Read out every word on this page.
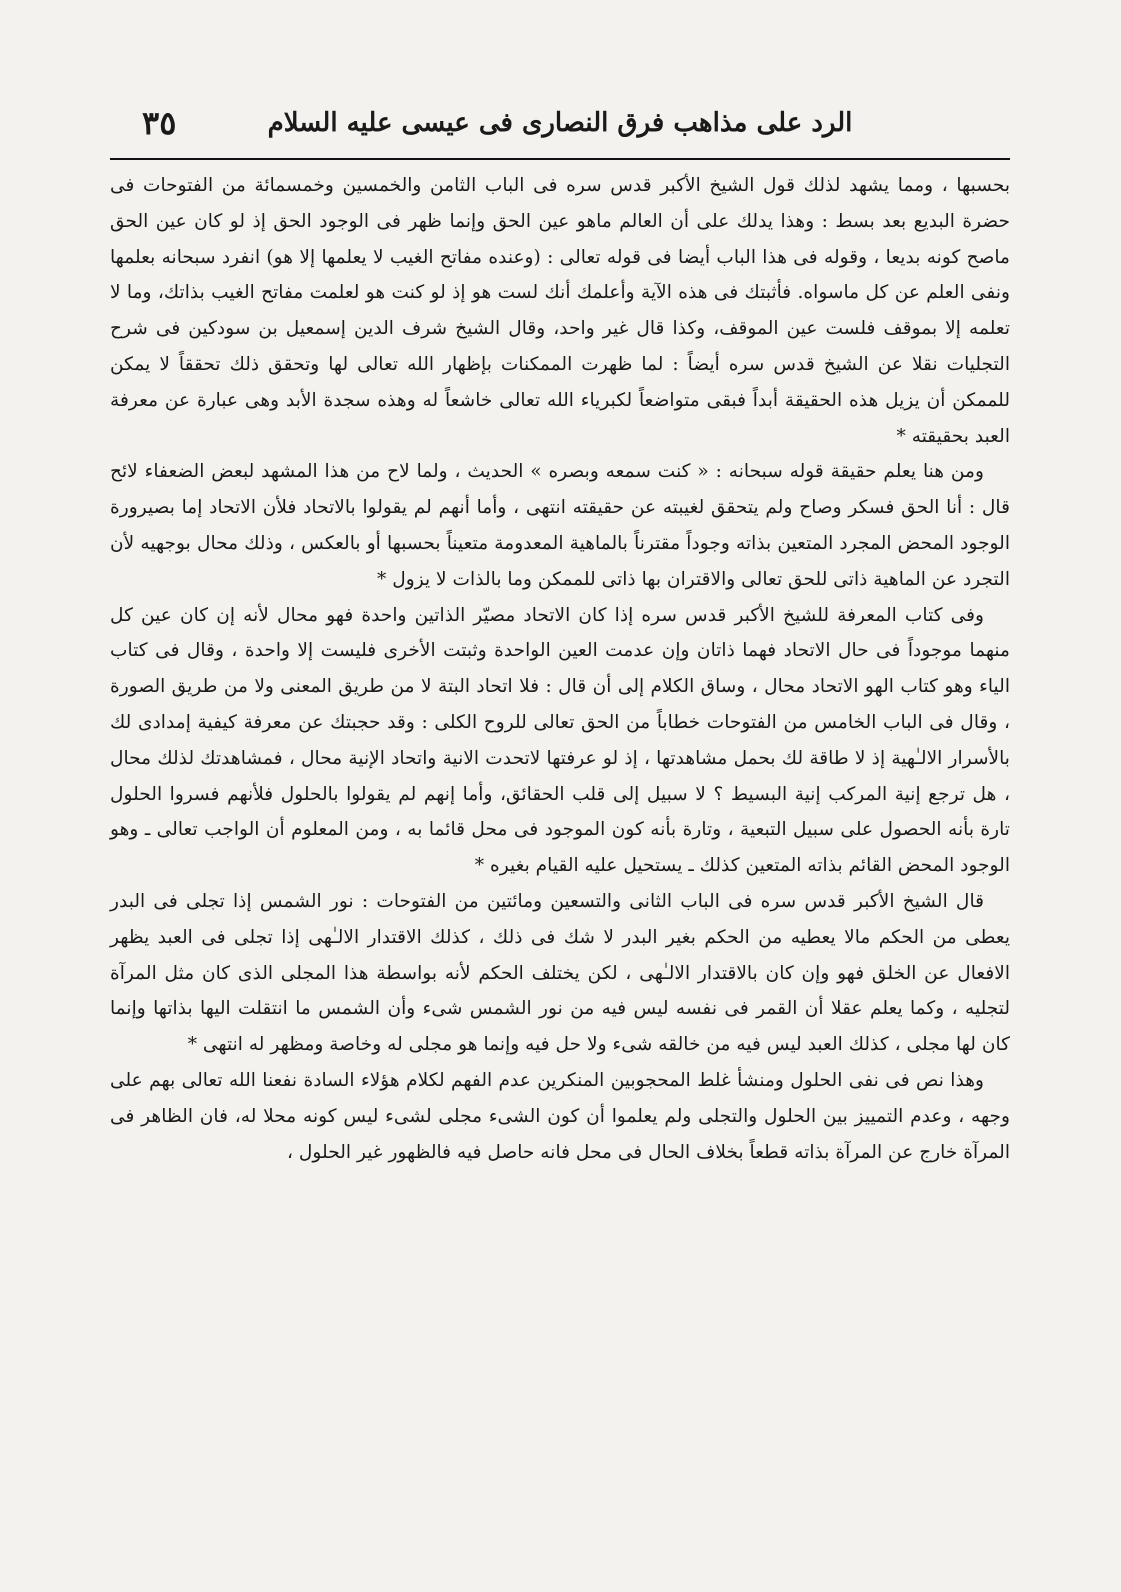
الرد على مذاهب فرق النصارى فى عيسى عليه السلام
٣٥

بحسبها ، ومما يشهد لذلك قول الشيخ الأكبر قدس سره فى الباب الثامن والخمسين وخمسمائة من الفتوحات فى حضرة البديع بعد بسط : وهذا يدلك على أن العالم ماهو عين الحق وإنما ظهر فى الوجود الحق إذ لو كان عين الحق ماصح كونه بديعا ، وقوله فى هذا الباب أيضا فى قوله تعالى : (وعنده مفاتح الغيب لا يعلمها إلا هو) انفرد سبحانه بعلمها ونفى العلم عن كل ماسواه. فأثبتك فى هذه الآية وأعلمك أنك لست هو إذ لو كنت هو لعلمت مفاتح الغيب بذاتك، وما لا تعلمه إلا بموقف فلست عين الموقف، وكذا قال غير واحد، وقال الشيخ شرف الدين إسمعيل بن سودكين فى شرح التجليات نقلا عن الشيخ قدس سره أيضاً : لما ظهرت الممكنات بإظهار الله تعالى لها وتحقق ذلك تحققاً لا يمكن للممكن أن يزيل هذه الحقيقة أبداً فبقى متواضعاً لكبرياء الله تعالى خاشعاً له وهذه سجدة الأبد وهى عبارة عن معرفة العبد بحقيقته *

ومن هنا يعلم حقيقة قوله سبحانه : « كنت سمعه وبصره » الحديث ، ولما لاح من هذا المشهد لبعض الضعفاء لائح قال : أنا الحق فسكر وصاح ولم يتحقق لغيبته عن حقيقته انتهى ، وأما أنهم لم يقولوا بالاتحاد فلأن الاتحاد إما بصيرورة الوجود المحض المجرد المتعين بذاته وجوداً مقترناً بالماهية المعدومة متعيناً بحسبها أو بالعكس ، وذلك محال بوجهيه لأن التجرد عن الماهية ذاتى للحق تعالى والاقتران بها ذاتى للممكن وما بالذات لا يزول *

وفى كتاب المعرفة للشيخ الأكبر قدس سره إذا كان الاتحاد مصيّر الذاتين واحدة فهو محال لأنه إن كان عين كل منهما موجوداً فى حال الاتحاد فهما ذاتان وإن عدمت العين الواحدة وثبتت الأخرى فليست إلا واحدة ، وقال فى كتاب الياء وهو كتاب الهو الاتحاد محال ، وساق الكلام إلى أن قال : فلا اتحاد البتة لا من طريق المعنى ولا من طريق الصورة ، وقال فى الباب الخامس من الفتوحات خطاباً من الحق تعالى للروح الكلى : وقد حجبتك عن معرفة كيفية إمدادى لك بالأسرار الالـٰهية إذ لا طاقة لك بحمل مشاهدتها ، إذ لو عرفتها لاتحدت الانية واتحاد الإنية محال ، فمشاهدتك لذلك محال ، هل ترجع إنية المركب إنية البسيط ؟ لا سبيل إلى قلب الحقائق، وأما إنهم لم يقولوا بالحلول فلأنهم فسروا الحلول تارة بأنه الحصول على سبيل التبعية ، وتارة بأنه كون الموجود فى محل قائما به ، ومن المعلوم أن الواجب تعالى ـ وهو الوجود المحض القائم بذاته المتعين كذلك ـ يستحيل عليه القيام بغيره *

قال الشيخ الأكبر قدس سره فى الباب الثانى والتسعين ومائتين من الفتوحات : نور الشمس إذا تجلى فى البدر يعطى من الحكم مالا يعطيه من الحكم بغير البدر لا شك فى ذلك ، كذلك الاقتدار الالـٰهى إذا تجلى فى العبد يظهر الافعال عن الخلق فهو وإن كان بالاقتدار الالـٰهى ، لكن يختلف الحكم لأنه بواسطة هذا المجلى الذى كان مثل المرآة لتجليه ، وكما يعلم عقلا أن القمر فى نفسه ليس فيه من نور الشمس شىء وأن الشمس ما انتقلت اليها بذاتها وإنما كان لها مجلى ، كذلك العبد ليس فيه من خالقه شىء ولا حل فيه وإنما هو مجلى له وخاصة ومظهر له انتهى *

وهذا نص فى نفى الحلول ومنشأ غلط المحجوبين المنكرين عدم الفهم لكلام هؤلاء السادة نفعنا الله تعالى بهم على وجهه ، وعدم التمييز بين الحلول والتجلى ولم يعلموا أن كون الشىء مجلى لشىء ليس كونه محلا له، فان الظاهر فى المرآة خارج عن المرآة بذاته قطعاً بخلاف الحال فى محل فانه حاصل فيه فالظهور غير الحلول ،
